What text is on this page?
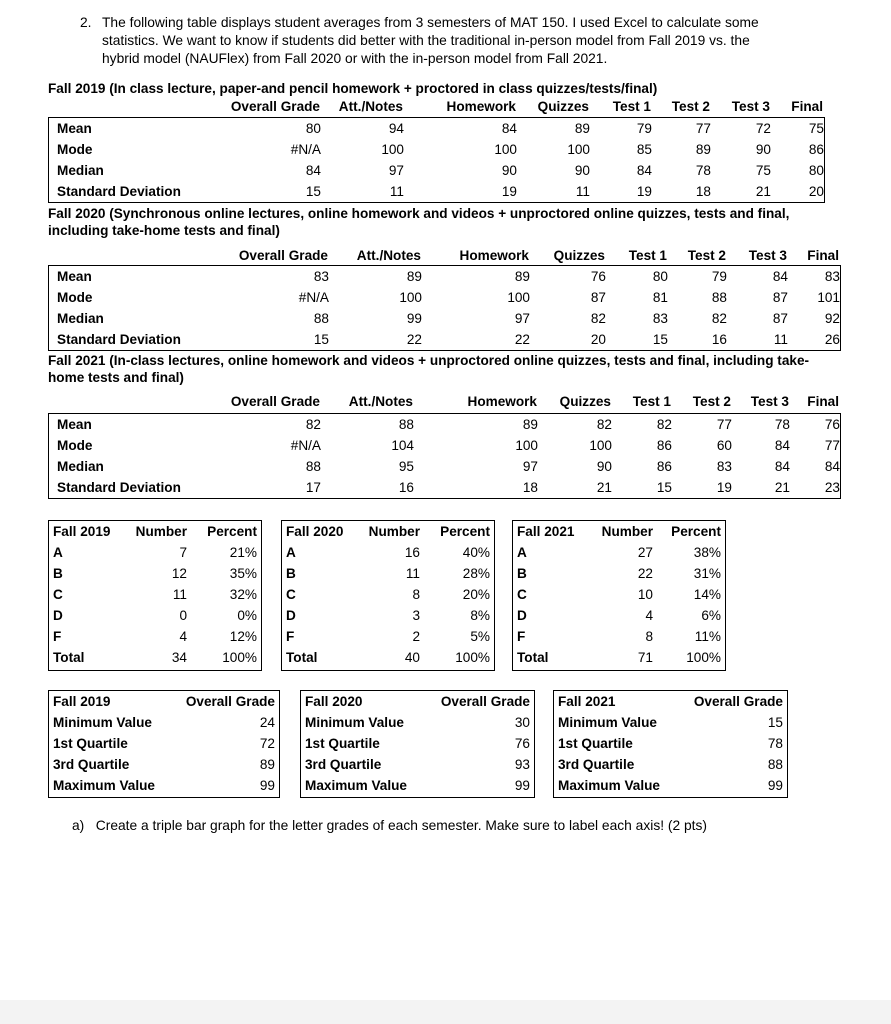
2. The following table displays student averages from 3 semesters of MAT 150. I used Excel to calculate some
statistics. We want to know if students did better with the traditional in-person model from Fall 2019 vs. the
hybrid model (NAUFlex) from Fall 2020 or with the in-person model from Fall 2021.
Fall 2019 (In class lecture, paper-and pencil homework + proctored in class quizzes/tests/final)
	Overall Grade	Att./Notes	Homework	Quizzes	Test 1	Test 2	Test 3	Final
Mean	80	94	84	89	79	77	72	75
Mode	#N/A	100	100	100	85	89	90	86
Median	84	97	90	90	84	78	75	80
Standard Deviation	15	11	19	11	19	18	21	20
Fall 2020 (Synchronous online lectures, online homework and videos + unproctored online quizzes, tests and final,
including take-home tests and final)
	Overall Grade	Att./Notes	Homework	Quizzes	Test 1	Test 2	Test 3	Final
Mean	83	89	89	76	80	79	84	83
Mode	#N/A	100	100	87	81	88	87	101
Median	88	99	97	82	83	82	87	92
Standard Deviation	15	22	22	20	15	16	11	26
Fall 2021 (In-class lectures, online homework and videos + unproctored online quizzes, tests and final, including take-
home tests and final)
	Overall Grade	Att./Notes	Homework	Quizzes	Test 1	Test 2	Test 3	Final
Mean	82	88	89	82	82	77	78	76
Mode	#N/A	104	100	100	86	60	84	77
Median	88	95	97	90	86	83	84	84
Standard Deviation	17	16	18	21	15	19	21	23
Fall 2019	Number	Percent
A	7	21%
B	12	35%
C	11	32%
D	0	0%
F	4	12%
Total	34	100%
Fall 2020	Number	Percent
A	16	40%
B	11	28%
C	8	20%
D	3	8%
F	2	5%
Total	40	100%
Fall 2021	Number	Percent
A	27	38%
B	22	31%
C	10	14%
D	4	6%
F	8	11%
Total	71	100%
Fall 2019	Overall Grade
Minimum Value	24
1st Quartile	72
3rd Quartile	89
Maximum Value	99
Fall 2020	Overall Grade
Minimum Value	30
1st Quartile	76
3rd Quartile	93
Maximum Value	99
Fall 2021	Overall Grade
Minimum Value	15
1st Quartile	78
3rd Quartile	88
Maximum Value	99
a) Create a triple bar graph for the letter grades of each semester. Make sure to label each axis! (2 pts)
